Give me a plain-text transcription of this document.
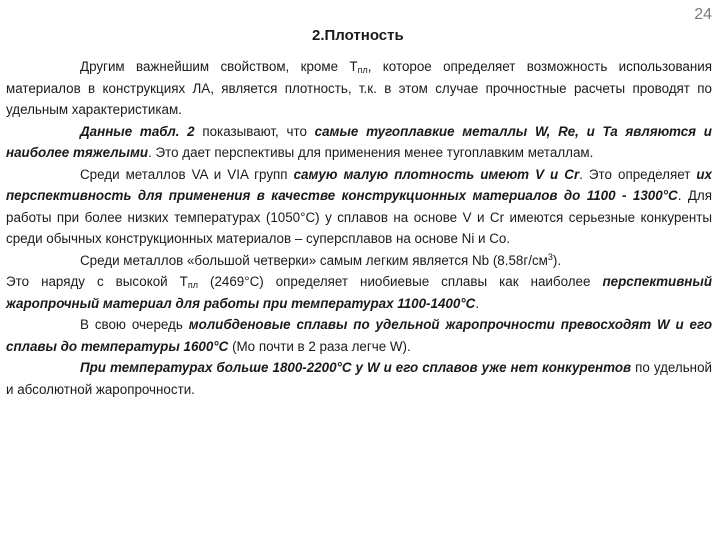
24
2.Плотность

Другим важнейшим свойством, кроме $Т_{пл}$, которое определяет возможность использования материалов в конструкциях ЛА, является плотность, т.к. в этом случае прочностные расчеты проводят по удельным характеристикам.

Данные табл. 2 показывают, что самые тугоплавкие металлы W, Re, и Ta являются и наиболее тяжелыми. Это дает перспективы для применения менее тугоплавким металлам.

Среди металлов VA и VIA групп самую малую плотность имеют V и Cr. Это определяет их перспективность для применения в качестве конструкционных материалов до 1100 - 1300°С. Для работы при более низких температурах (1050°С) у сплавов на основе V и Cr имеются серьезные конкуренты среди обычных конструкционных материалов – суперсплавов на основе Ni и Co.

Среди металлов «большой четверки» самым легким является Nb $(8.58г/см^3)$.

Это наряду с высокой $Т_{пл}$ (2469°С) определяет ниобиевые сплавы как наиболее перспективный жаропрочный материал для работы при температурах 1100-1400°С.

В свою очередь молибденовые сплавы по удельной жаропрочности превосходят W и его сплавы до температуры 1600°С (Mo почти в 2 раза легче W).

При температурах больше 1800-2200°С у W и его сплавов уже нет конкурентов по удельной и абсолютной жаропрочности.
